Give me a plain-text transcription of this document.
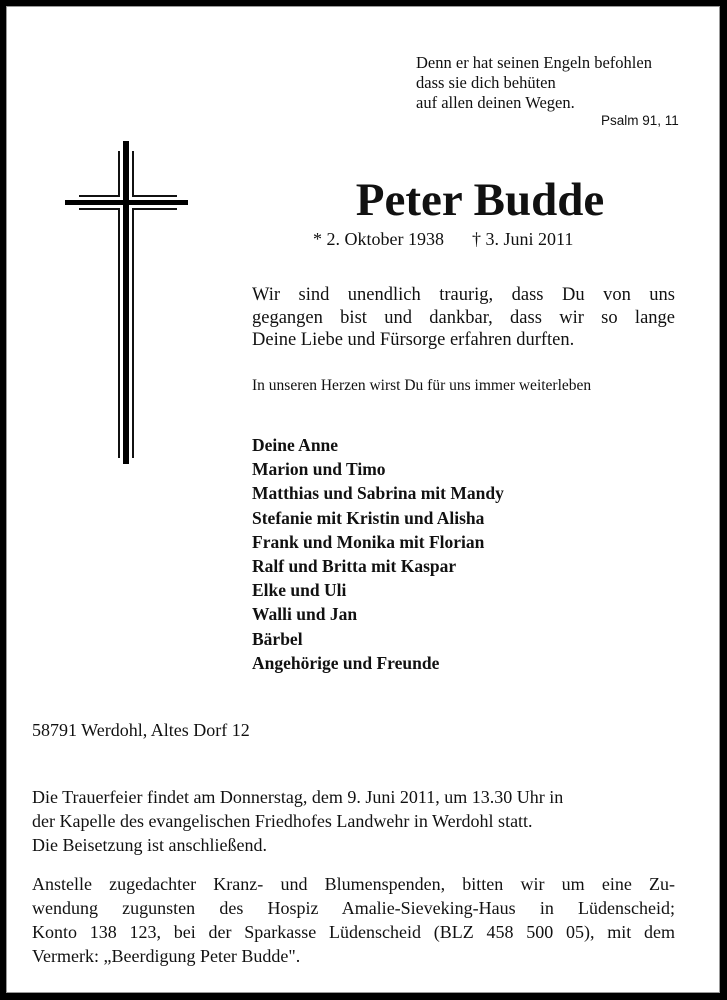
Denn er hat seinen Engeln befohlen
dass sie dich behüten
auf allen deinen Wegen.
Psalm 91, 11
Peter Budde
* 2. Oktober 1938 † 3. Juni 2011
Wir sind unendlich traurig, dass Du von uns
gegangen bist und dankbar, dass wir so lange
Deine Liebe und Fürsorge erfahren durften.
In unseren Herzen wirst Du für uns immer weiterleben
Deine Anne
Marion und Timo
Matthias und Sabrina mit Mandy
Stefanie mit Kristin und Alisha
Frank und Monika mit Florian
Ralf und Britta mit Kaspar
Elke und Uli
Walli und Jan
Bärbel
Angehörige und Freunde
58791 Werdohl, Altes Dorf 12
Die Trauerfeier findet am Donnerstag, dem 9. Juni 2011, um 13.30 Uhr in
der Kapelle des evangelischen Friedhofes Landwehr in Werdohl statt.
Die Beisetzung ist anschließend.
Anstelle zugedachter Kranz- und Blumenspenden, bitten wir um eine Zu-
wendung zugunsten des Hospiz Amalie-Sieveking-Haus in Lüdenscheid;
Konto 138 123, bei der Sparkasse Lüdenscheid (BLZ 458 500 05), mit dem
Vermerk: „Beerdigung Peter Budde".
